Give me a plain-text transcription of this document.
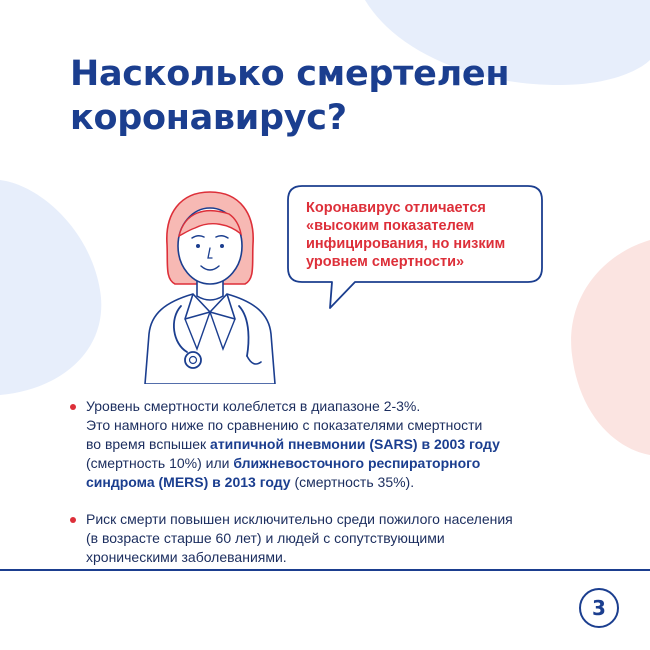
Насколько смертелен
коронавирус?
Коронавирус отличается
«высоким показателем
инфицирования, но низким
уровнем смертности»
Уровень смертности колеблется в диапазоне 2-3%.
Это намного ниже по сравнению с показателями смертности
во время вспышек атипичной пневмонии (SARS) в 2003 году
(смертность 10%) или ближневосточного респираторного
синдрома (MERS) в 2013 году (смертность 35%).
Риск смерти повышен исключительно среди пожилого населения
(в возрасте старше 60 лет) и людей с сопутствующими
хроническими заболеваниями.
3
